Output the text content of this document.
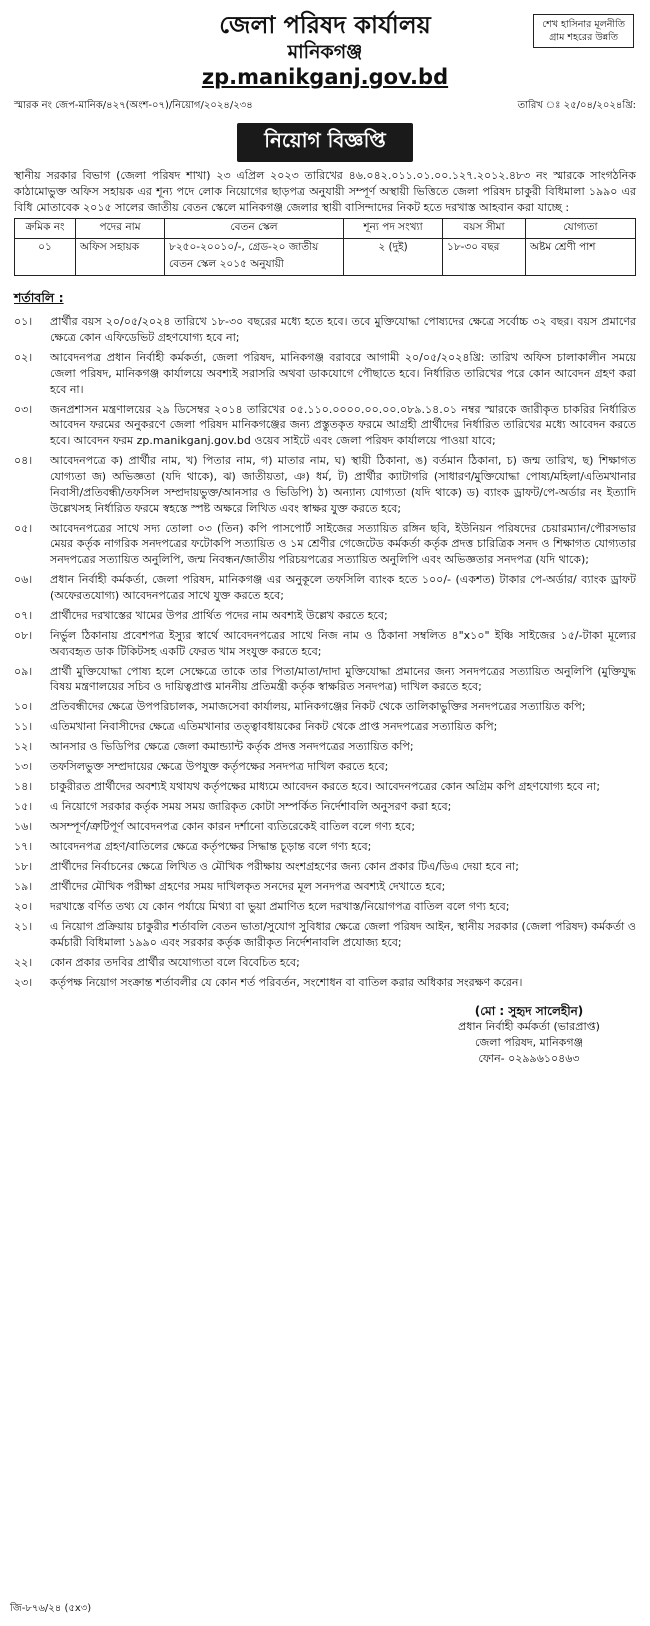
শেখ হাসিনার মূলনীতি
গ্রাম শহরের উন্নতি
জেলা পরিষদ কার্যালয়
মানিকগঞ্জ
zp.manikganj.gov.bd
স্মারক নং জেপ-মানিক/৪২৭(অংশ-০৭)/নিয়োগ/২০২৪/২৩৪	তারিখ ঃ ২৫/০৪/২০২৪খ্রি:
নিয়োগ বিজ্ঞপ্তি
স্থানীয় সরকার বিভাগ (জেলা পরিষদ শাখা) ২৩ এপ্রিল ২০২৩ তারিখের ৪৬.০৪২.০১১.০১.০০.১২৭.২০১২.৪৮৩ নং স্মারকে সাংগঠনিক কাঠামোভুক্ত অফিস সহায়ক এর শূন্য পদে লোক নিয়োগের ছাড়পত্র অনুযায়ী সম্পূর্ণ অস্থায়ী ভিত্তিতে জেলা পরিষদ চাকুরী বিধিমালা ১৯৯০ এর বিধি মোতাবেক ২০১৫ সালের জাতীয় বেতন স্কেলে মানিকগঞ্জ জেলার স্থায়ী বাসিন্দাদের নিকট হতে দরখাস্ত আহবান করা যাচ্ছে :
ক্রমিক নং	পদের নাম	বেতন স্কেল	শূন্য পদ সংখ্যা	বয়স সীমা	যোগ্যতা
০১	অফিস সহায়ক	৮২৫০-২০০১০/-, গ্রেড-২০ জাতীয় বেতন স্কেল ২০১৫ অনুযায়ী	২ (দুই)	১৮-৩০ বছর	অষ্টম শ্রেণী পাশ
শর্তাবলি :
০১।	প্রার্থীর বয়স ২০/০৫/২০২৪ তারিখে ১৮-৩০ বছরের মধ্যে হতে হবে। তবে মুক্তিযোদ্ধা পোষ্যদের ক্ষেত্রে সর্বোচ্চ ৩২ বছর। বয়স প্রমাণের ক্ষেত্রে কোন এফিডেভিট গ্রহণযোগ্য হবে না;
০২।	আবেদনপত্র প্রধান নির্বাহী কর্মকর্তা, জেলা পরিষদ, মানিকগঞ্জ বরাবরে আগামী ২০/০৫/২০২৪খ্রি: তারিখ অফিস চালাকালীন সময়ে জেলা পরিষদ, মানিকগঞ্জ কার্যালয়ে অবশ্যই সরাসরি অথবা ডাকযোগে পৌছাতে হবে। নির্ধারিত তারিখের পরে কোন আবেদন গ্রহণ করা হবে না।
০৩।	জনপ্রশাসন মন্ত্রণালয়ের ২৯ ডিসেম্বর ২০১৪ তারিখের ০৫.১১০.০০০০.০০.০০.০৮৯.১৪.০১ নম্বর স্মারকে জারীকৃত চাকরির নির্ধারিত আবেদন ফরমের অনুকরণে জেলা পরিষদ মানিকগঞ্জের জন্য প্রস্তুতকৃত ফরমে আগ্রহী প্রার্থীদের নির্ধারিত তারিখের মধ্যে আবেদন করতে হবে। আবেদন ফরম zp.manikganj.gov.bd ওয়েব সাইটে এবং জেলা পরিষদ কার্যালয়ে পাওয়া যাবে;
০৪।	আবেদনপত্রে ক) প্রার্থীর নাম, খ) পিতার নাম, গ) মাতার নাম, ঘ) স্থায়ী ঠিকানা, ঙ) বর্তমান ঠিকানা, চ) জন্ম তারিখ, ছ) শিক্ষাগত যোগ্যতা জ) অভিজ্ঞতা (যদি থাকে), ঝ) জাতীয়তা, ঞ) ধর্ম, ট) প্রার্থীর ক্যাটাগরি (সাধারণ/মুক্তিযোদ্ধা পোষ্য/মহিলা/এতিমখানার নিবাসী/প্রতিবন্ধী/তফসিল সম্প্রদায়ভুক্ত/আনসার ও ভিডিপি) ঠ) অন্যান্য যোগ্যতা (যদি থাকে) ড) ব্যাংক ড্রাফট/পে-অর্ডার নং ইত্যাদি উল্লেখসহ নির্ধারিত ফরমে স্বহস্তে স্পষ্ট অক্ষরে লিখিত এবং স্বাক্ষর যুক্ত করতে হবে;
০৫।	আবেদনপত্রের সাথে সদ্য তোলা ০৩ (তিন) কপি পাসপোর্ট সাইজের সত্যায়িত রঙ্গিন ছবি, ইউনিয়ন পরিষদের চেয়ারম্যান/পৌরসভার মেয়র কর্তৃক নাগরিক সনদপত্রের ফটোকপি সত্যায়িত ও ১ম শ্রেণীর গেজেটেড কর্মকর্তা কর্তৃক প্রদত্ত চারিত্রিক সনদ ও শিক্ষাগত যোগ্যতার সনদপত্রের সত্যায়িত অনুলিপি, জন্ম নিবন্ধন/জাতীয় পরিচয়পত্রের সত্যায়িত অনুলিপি এবং অভিজ্ঞতার সনদপত্র (যদি থাকে);
০৬।	প্রধান নির্বাহী কর্মকর্তা, জেলা পরিষদ, মানিকগঞ্জ এর অনুকূলে তফসিলি ব্যাংক হতে ১০০/- (একশত) টাকার পে-অর্ডার/ ব্যাংক ড্রাফট (অফেরতযোগ্য) আবেদনপত্রের সাথে যুক্ত করতে হবে;
০৭।	প্রার্থীদের দরখাস্তের খামের উপর প্রার্থিত পদের নাম অবশ্যই উল্লেখ করতে হবে;
০৮।	নির্ভুল ঠিকানায় প্রবেশপত্র ইস্যুর স্বার্থে আবেদনপত্রের সাথে নিজ নাম ও ঠিকানা সম্বলিত ৪"x১০" ইঞ্চি সাইজের ১৫/-টাকা মূল্যের অব্যবহৃত ডাক টিকিটসহ একটি ফেরত খাম সংযুক্ত করতে হবে;
০৯।	প্রার্থী মুক্তিযোদ্ধা পোষ্য হলে সেক্ষেত্রে তাকে তার পিতা/মাতা/দাদা মুক্তিযোদ্ধা প্রমানের জন্য সনদপত্রের সত্যায়িত অনুলিপি (মুক্তিযুদ্ধ বিষয় মন্ত্রণালয়ের সচিব ও দায়িত্বপ্রাপ্ত মাননীয় প্রতিমন্ত্রী কর্তৃক স্বাক্ষরিত সনদপত্র) দাখিল করতে হবে;
১০।	প্রতিবন্ধীদের ক্ষেত্রে উপপরিচালক, সমাজসেবা কার্যালয়, মানিকগঞ্জের নিকট থেকে তালিকাভুক্তির সনদপত্রের সত্যায়িত কপি;
১১।	এতিমখানা নিবাসীদের ক্ষেত্রে এতিমখানার তত্ত্বাবধায়কের নিকট থেকে প্রাপ্ত সনদপত্রের সত্যায়িত কপি;
১২।	আনসার ও ভিডিপির ক্ষেত্রে জেলা কমান্ড্যান্ট কর্তৃক প্রদত্ত সনদপত্রের সত্যায়িত কপি;
১৩।	তফসিলভুক্ত সম্প্রদায়ের ক্ষেত্রে উপযুক্ত কর্তৃপক্ষের সনদপত্র দাখিল করতে হবে;
১৪।	চাকুরীরত প্রার্থীদের অবশ্যই যথাযথ কর্তৃপক্ষের মাধ্যমে আবেদন করতে হবে। আবেদনপত্রের কোন অগ্রিম কপি গ্রহণযোগ্য হবে না;
১৫।	এ নিয়োগে সরকার কর্তৃক সময় সময় জারিকৃত কোটা সম্পর্কিত নির্দেশাবলি অনুসরণ করা হবে;
১৬।	অসম্পূর্ণ/ত্রুটিপূর্ণ আবেদনপত্র কোন কারন দর্শানো ব্যতিরেকেই বাতিল বলে গণ্য হবে;
১৭।	আবেদনপত্র গ্রহণ/বাতিলের ক্ষেত্রে কর্তৃপক্ষের সিদ্ধান্ত চূড়ান্ত বলে গণ্য হবে;
১৮।	প্রার্থীদের নির্বাচনের ক্ষেত্রে লিখিত ও মৌখিক পরীক্ষায় অংশগ্রহণের জন্য কোন প্রকার টিএ/ডিএ দেয়া হবে না;
১৯।	প্রার্থীদের মৌখিক পরীক্ষা গ্রহণের সময় দাখিলকৃত সনদের মূল সনদপত্র অবশ্যই দেখাতে হবে;
২০।	দরখাস্তে বর্ণিত তথ্য যে কোন পর্যায়ে মিথ্যা বা ভুয়া প্রমাণিত হলে দরখাস্ত/নিয়োগপত্র বাতিল বলে গণ্য হবে;
২১।	এ নিয়োগ প্রক্রিয়ায় চাকুরীর শর্তাবলি বেতন ভাতা/সুযোগ সুবিধার ক্ষেত্রে জেলা পরিষদ আইন, স্থানীয় সরকার (জেলা পরিষদ) কর্মকর্তা ও কর্মচারী বিধিমালা ১৯৯০ এবং সরকার কর্তৃক জারীকৃত নির্দেশনাবলি প্রযোজ্য হবে;
২২।	কোন প্রকার তদবির প্রার্থীর অযোগ্যতা বলে বিবেচিত হবে;
২৩।	কর্তৃপক্ষ নিয়োগ সংক্রান্ত শর্তাবলীর যে কোন শর্ত পরিবর্তন, সংশোধন বা বাতিল করার অধিকার সংরক্ষণ করেন।
(মো : সুহৃদ সালেহীন)
প্রধান নির্বাহী কর্মকর্তা (ভারপ্রাপ্ত)
জেলা পরিষদ, মানিকগঞ্জ
ফোন- ০২৯৯৬১০৪৬৩
জি-৮৭৬/২৪ (৫x৩)
